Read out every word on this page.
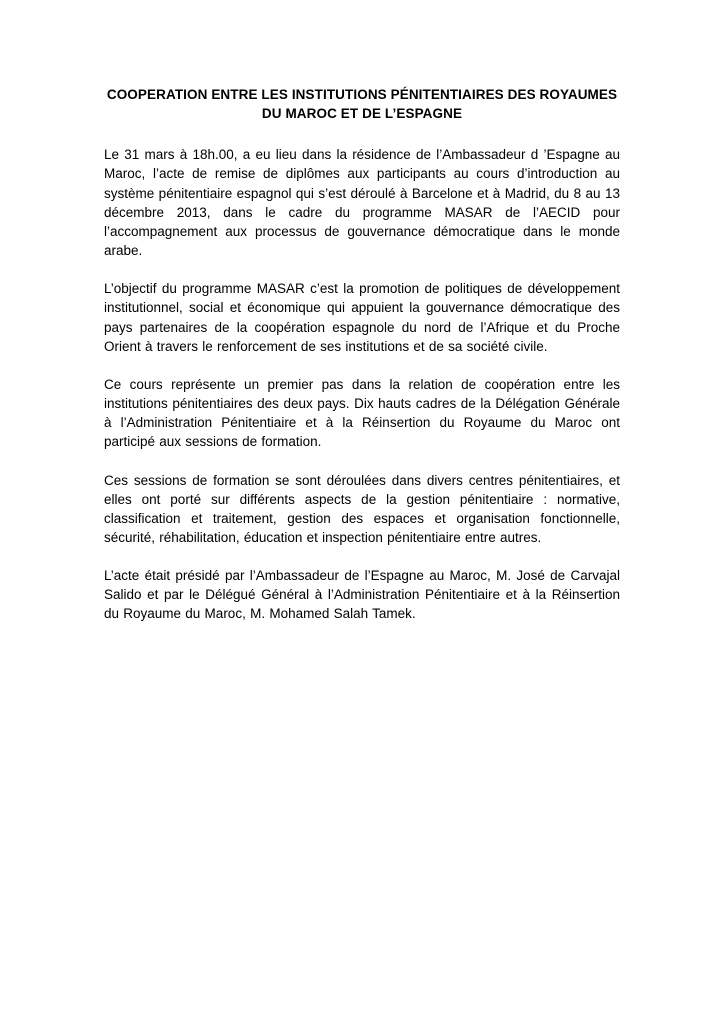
COOPERATION ENTRE LES INSTITUTIONS PÉNITENTIAIRES DES ROYAUMES DU MAROC ET DE L’ESPAGNE

Le 31 mars à 18h.00, a eu lieu dans la résidence de l’Ambassadeur d ’Espagne au Maroc, l’acte de remise de diplômes aux participants au cours d’introduction au système pénitentiaire espagnol qui s’est déroulé à Barcelone et à Madrid, du 8 au 13 décembre 2013, dans le cadre du programme MASAR de l’AECID pour l’accompagnement aux processus de gouvernance démocratique dans le monde arabe.

L’objectif du programme MASAR c’est la promotion de politiques de développement institutionnel, social et économique qui appuient la gouvernance démocratique des pays partenaires de la coopération espagnole du nord de l’Afrique et du Proche Orient à travers le renforcement de ses institutions et de sa société civile.

Ce cours représente un premier pas dans la relation de coopération entre les institutions pénitentiaires des deux pays. Dix hauts cadres de la Délégation Générale à l’Administration Pénitentiaire et à la Réinsertion du Royaume du Maroc ont participé aux sessions de formation.

Ces sessions de formation se sont déroulées dans divers centres pénitentiaires, et elles ont porté sur différents aspects de la gestion pénitentiaire : normative, classification et traitement, gestion des espaces et organisation fonctionnelle, sécurité, réhabilitation, éducation et inspection pénitentiaire entre autres.

L’acte était présidé par l’Ambassadeur de l’Espagne au Maroc, M. José de Carvajal Salido et par le Délégué Général à l’Administration Pénitentiaire et à la Réinsertion du Royaume du Maroc, M. Mohamed Salah Tamek.
